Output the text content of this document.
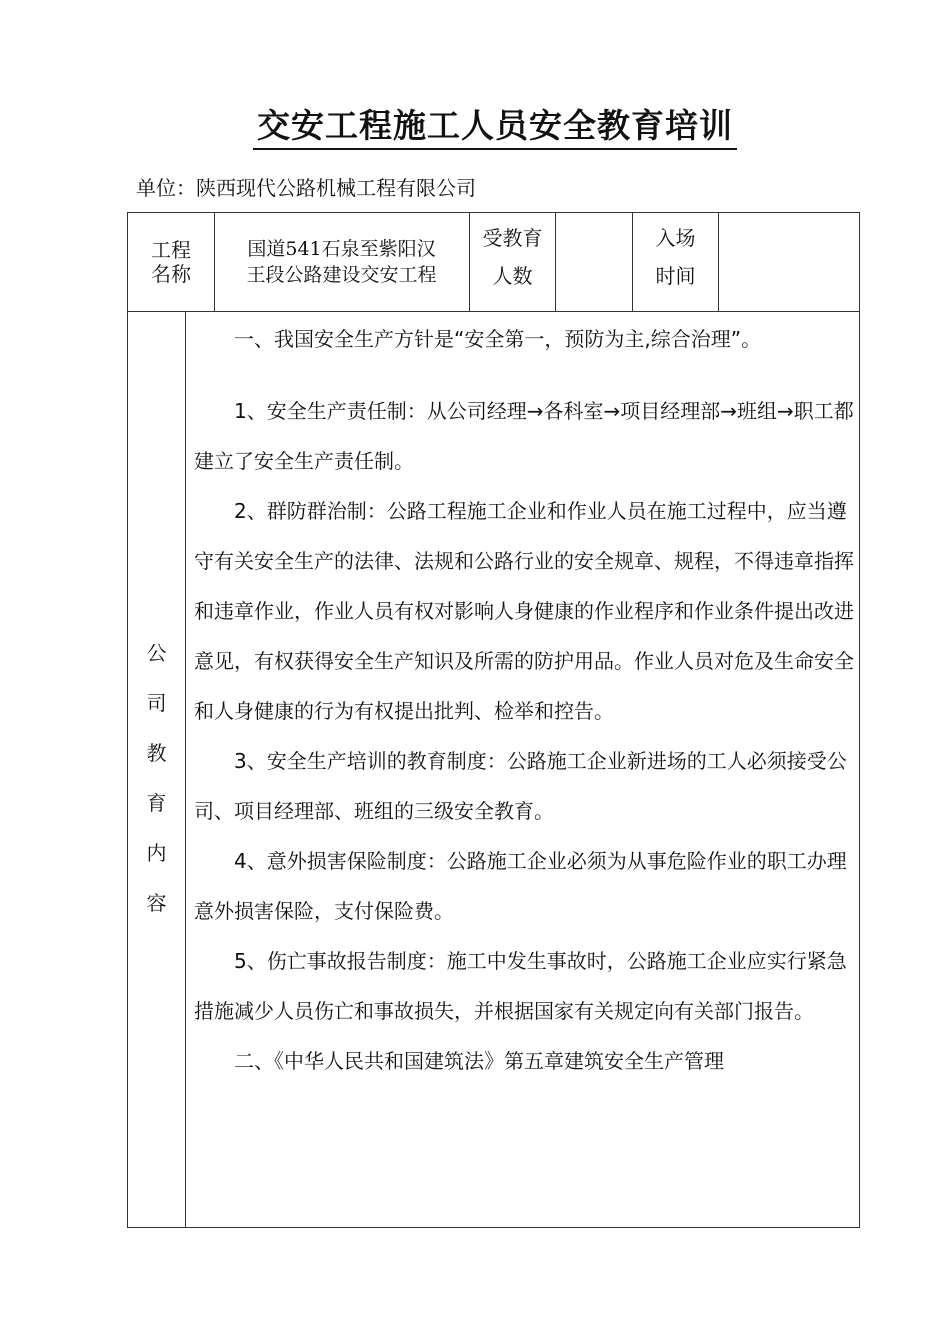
交安工程施工人员安全教育培训
单位：陕西现代公路机械工程有限公司
工程
名称
国道541石泉至紫阳汉
王段公路建设交安工程
受教育
人数
入场
时间
公
司
教
育
内
容

一、我国安全生产方针是“安全第一，预防为主,综合治理”。

1、安全生产责任制：从公司经理→各科室→项目经理部→班组→职工都建立了安全生产责任制。

2、群防群治制：公路工程施工企业和作业人员在施工过程中，应当遵守有关安全生产的法律、法规和公路行业的安全规章、规程，不得违章指挥和违章作业，作业人员有权对影响人身健康的作业程序和作业条件提出改进意见，有权获得安全生产知识及所需的防护用品。作业人员对危及生命安全和人身健康的行为有权提出批判、检举和控告。

3、安全生产培训的教育制度：公路施工企业新进场的工人必须接受公司、项目经理部、班组的三级安全教育。

4、意外损害保险制度：公路施工企业必须为从事危险作业的职工办理意外损害保险，支付保险费。

5、伤亡事故报告制度：施工中发生事故时，公路施工企业应实行紧急措施减少人员伤亡和事故损失，并根据国家有关规定向有关部门报告。

二、《中华人民共和国建筑法》第五章建筑安全生产管理
